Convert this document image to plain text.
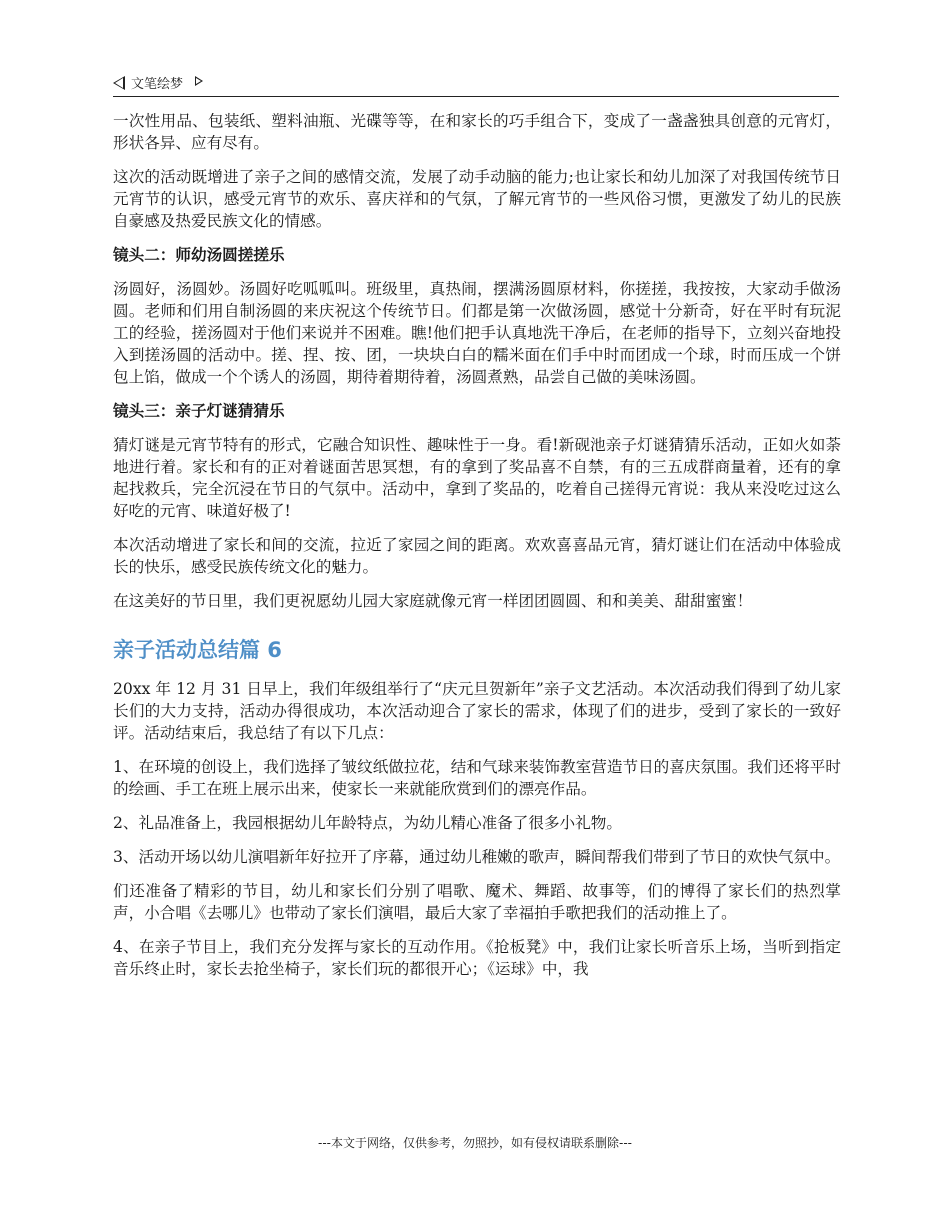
文笔绘梦

一次性用品、包装纸、塑料油瓶、光碟等等，在和家长的巧手组合下，变成了一盏盏独具创意的元宵灯，形状各异、应有尽有。

这次的活动既增进了亲子之间的感情交流，发展了动手动脑的能力;也让家长和幼儿加深了对我国传统节日元宵节的认识，感受元宵节的欢乐、喜庆祥和的气氛，了解元宵节的一些风俗习惯，更激发了幼儿的民族自豪感及热爱民族文化的情感。

镜头二：师幼汤圆搓搓乐

汤圆好，汤圆妙。汤圆好吃呱呱叫。班级里，真热闹，摆满汤圆原材料，你搓搓，我按按，大家动手做汤圆。老师和们用自制汤圆的来庆祝这个传统节日。们都是第一次做汤圆，感觉十分新奇，好在平时有玩泥工的经验，搓汤圆对于他们来说并不困难。瞧!他们把手认真地洗干净后，在老师的指导下，立刻兴奋地投入到搓汤圆的活动中。搓、捏、按、团，一块块白白的糯米面在们手中时而团成一个球，时而压成一个饼包上馅，做成一个个诱人的汤圆，期待着期待着，汤圆煮熟，品尝自己做的美味汤圆。

镜头三：亲子灯谜猜猜乐

猜灯谜是元宵节特有的形式，它融合知识性、趣味性于一身。看!新砚池亲子灯谜猜猜乐活动，正如火如荼地进行着。家长和有的正对着谜面苦思冥想，有的拿到了奖品喜不自禁，有的三五成群商量着，还有的拿起找救兵，完全沉浸在节日的气氛中。活动中，拿到了奖品的，吃着自己搓得元宵说：我从来没吃过这么好吃的元宵、味道好极了!

本次活动增进了家长和间的交流，拉近了家园之间的距离。欢欢喜喜品元宵，猜灯谜让们在活动中体验成长的快乐，感受民族传统文化的魅力。

在这美好的节日里，我们更祝愿幼儿园大家庭就像元宵一样团团圆圆、和和美美、甜甜蜜蜜！

亲子活动总结篇 6

20xx 年 12 月 31 日早上，我们年级组举行了“庆元旦贺新年”亲子文艺活动。本次活动我们得到了幼儿家长们的大力支持，活动办得很成功，本次活动迎合了家长的需求，体现了们的进步，受到了家长的一致好评。活动结束后，我总结了有以下几点：

1、在环境的创设上，我们选择了皱纹纸做拉花，结和气球来装饰教室营造节日的喜庆氛围。我们还将平时的绘画、手工在班上展示出来，使家长一来就能欣赏到们的漂亮作品。

2、礼品准备上，我园根据幼儿年龄特点，为幼儿精心准备了很多小礼物。

3、活动开场以幼儿演唱新年好拉开了序幕，通过幼儿稚嫩的歌声，瞬间帮我们带到了节日的欢快气氛中。

们还准备了精彩的节目，幼儿和家长们分别了唱歌、魔术、舞蹈、故事等，们的博得了家长们的热烈掌声，小合唱《去哪儿》也带动了家长们演唱，最后大家了幸福拍手歌把我们的活动推上了。

4、在亲子节目上，我们充分发挥与家长的互动作用。《抢板凳》中，我们让家长听音乐上场，当听到指定音乐终止时，家长去抢坐椅子，家长们玩的都很开心；《运球》中，我

---本文于网络，仅供参考，勿照抄，如有侵权请联系删除---
